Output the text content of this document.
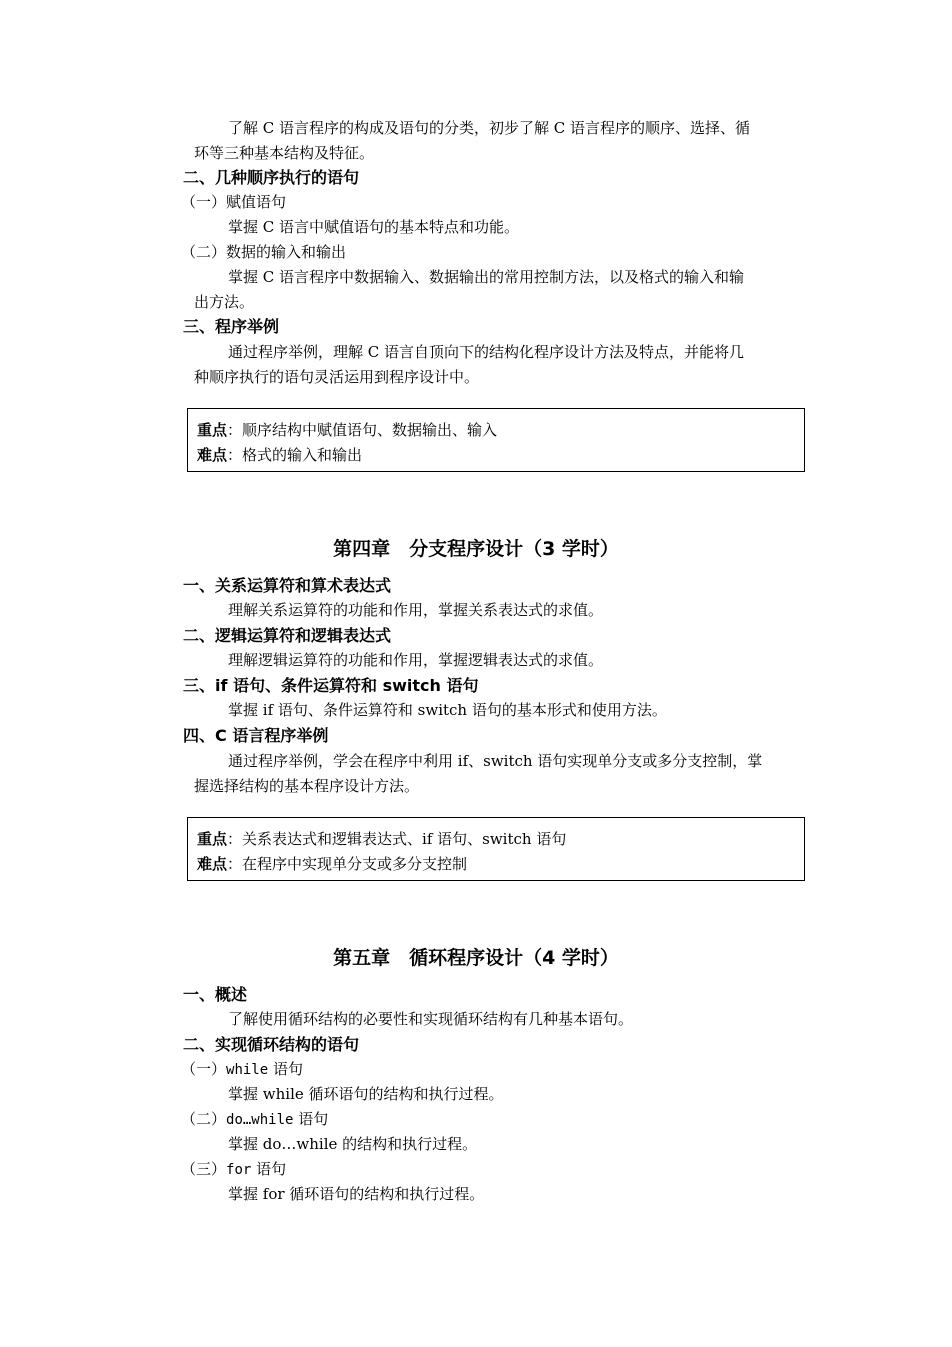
了解 C 语言程序的构成及语句的分类，初步了解 C 语言程序的顺序、选择、循
环等三种基本结构及特征。
二、几种顺序执行的语句
（一）赋值语句
掌握 C 语言中赋值语句的基本特点和功能。
（二）数据的输入和输出
掌握 C 语言程序中数据输入、数据输出的常用控制方法，以及格式的输入和输
出方法。
三、程序举例
通过程序举例，理解 C 语言自顶向下的结构化程序设计方法及特点，并能将几
种顺序执行的语句灵活运用到程序设计中。
重点：顺序结构中赋值语句、数据输出、输入
难点：格式的输入和输出
第四章　分支程序设计（3 学时）
一、关系运算符和算术表达式
理解关系运算符的功能和作用，掌握关系表达式的求值。
二、逻辑运算符和逻辑表达式
理解逻辑运算符的功能和作用，掌握逻辑表达式的求值。
三、if 语句、条件运算符和 switch 语句
掌握 if 语句、条件运算符和 switch 语句的基本形式和使用方法。
四、C 语言程序举例
通过程序举例，学会在程序中利用 if、switch 语句实现单分支或多分支控制，掌
握选择结构的基本程序设计方法。
重点：关系表达式和逻辑表达式、if 语句、switch 语句
难点：在程序中实现单分支或多分支控制
第五章　循环程序设计（4 学时）
一、概述
了解使用循环结构的必要性和实现循环结构有几种基本语句。
二、实现循环结构的语句
（一）while 语句
掌握 while 循环语句的结构和执行过程。
（二）do…while 语句
掌握 do…while 的结构和执行过程。
（三）for 语句
掌握 for 循环语句的结构和执行过程。
